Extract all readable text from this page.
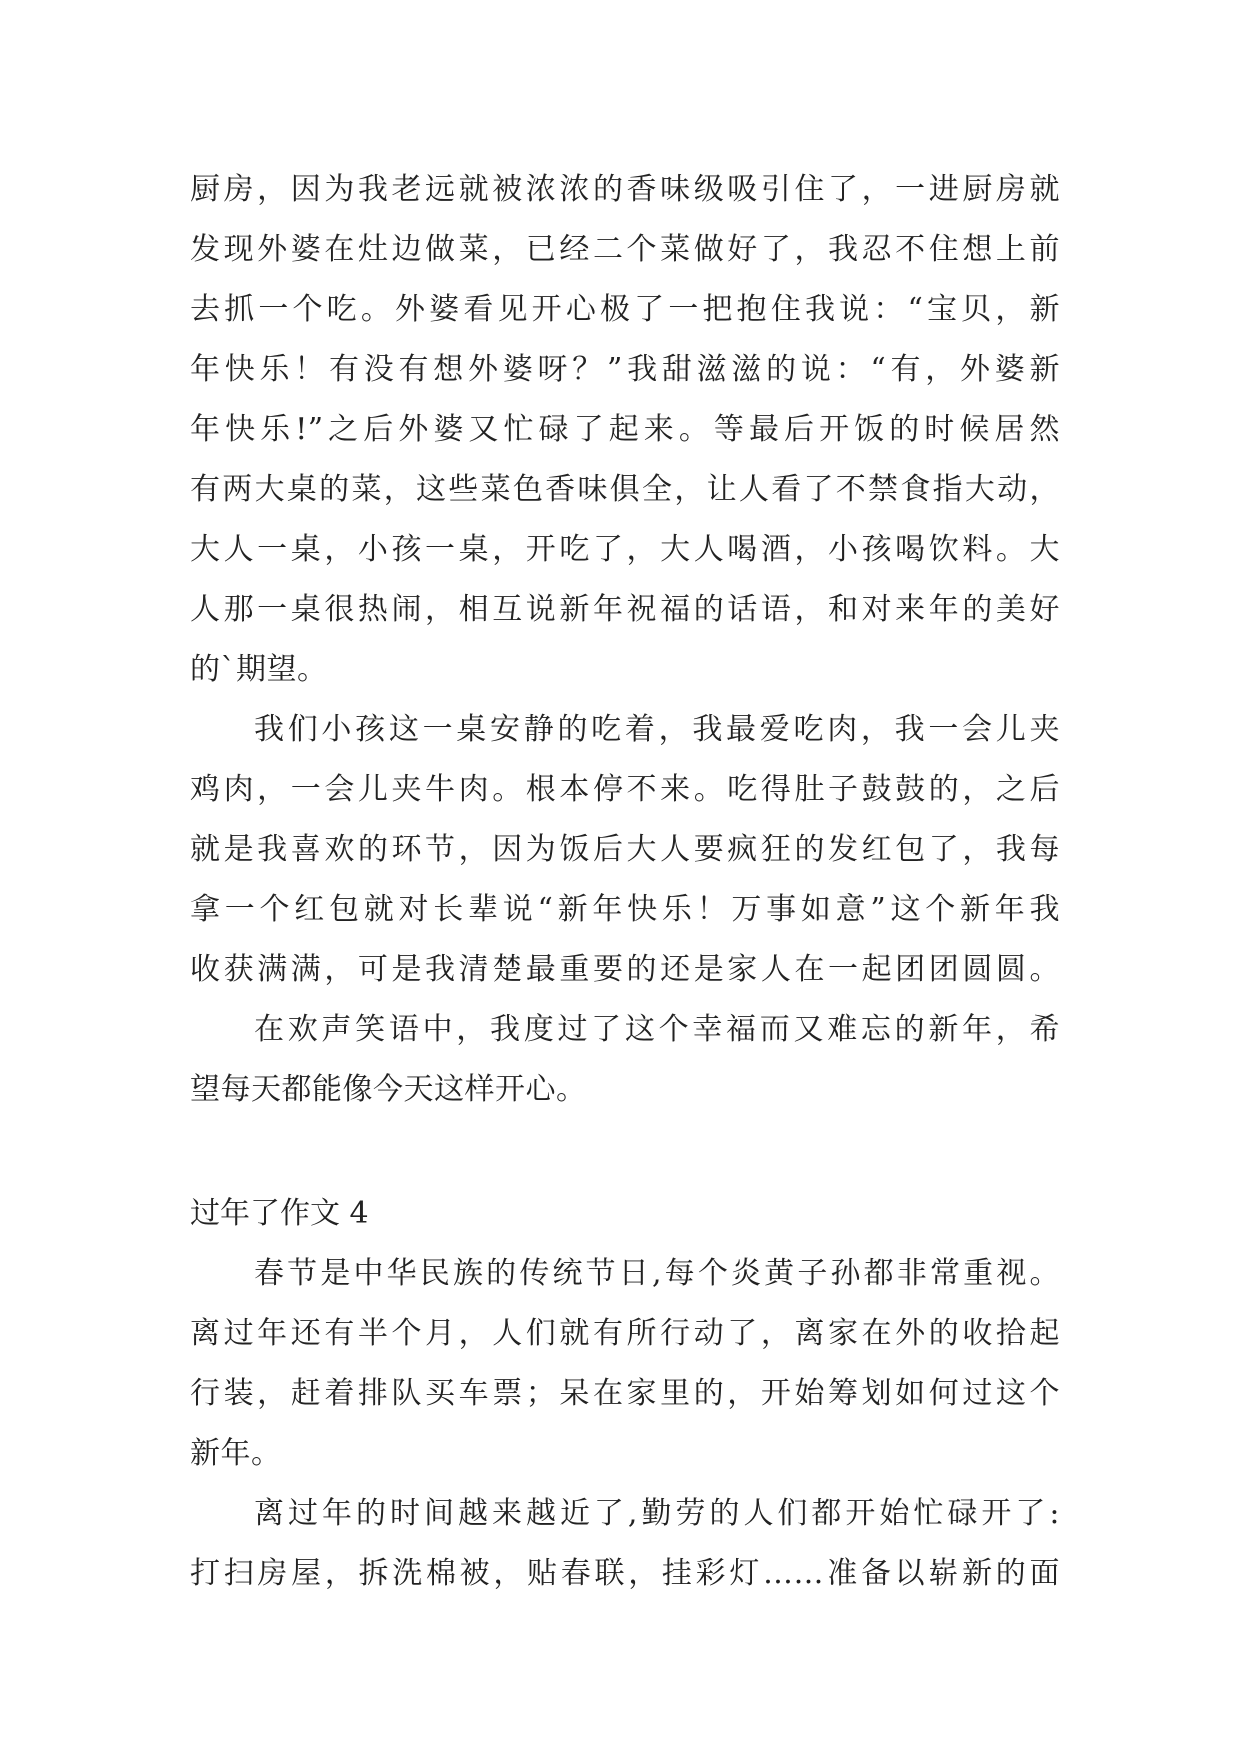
厨房，因为我老远就被浓浓的香味级吸引住了，一进厨房就
发现外婆在灶边做菜，已经二个菜做好了，我忍不住想上前
去抓一个吃。外婆看见开心极了一把抱住我说：“宝贝，新
年快乐！有没有想外婆呀？”我甜滋滋的说：“有，外婆新
年快乐!”之后外婆又忙碌了起来。等最后开饭的时候居然
有两大桌的菜，这些菜色香味俱全，让人看了不禁食指大动，
大人一桌，小孩一桌，开吃了，大人喝酒，小孩喝饮料。大
人那一桌很热闹，相互说新年祝福的话语，和对来年的美好
的`期望。
我们小孩这一桌安静的吃着，我最爱吃肉，我一会儿夹
鸡肉，一会儿夹牛肉。根本停不来。吃得肚子鼓鼓的，之后
就是我喜欢的环节，因为饭后大人要疯狂的发红包了，我每
拿一个红包就对长辈说“新年快乐！万事如意”这个新年我
收获满满，可是我清楚最重要的还是家人在一起团团圆圆。
在欢声笑语中，我度过了这个幸福而又难忘的新年，希
望每天都能像今天这样开心。
过年了作文 4
春节是中华民族的传统节日,每个炎黄子孙都非常重视。
离过年还有半个月，人们就有所行动了，离家在外的收拾起
行装，赶着排队买车票；呆在家里的，开始筹划如何过这个
新年。
离过年的时间越来越近了,勤劳的人们都开始忙碌开了:
打扫房屋，拆洗棉被，贴春联，挂彩灯……准备以崭新的面
